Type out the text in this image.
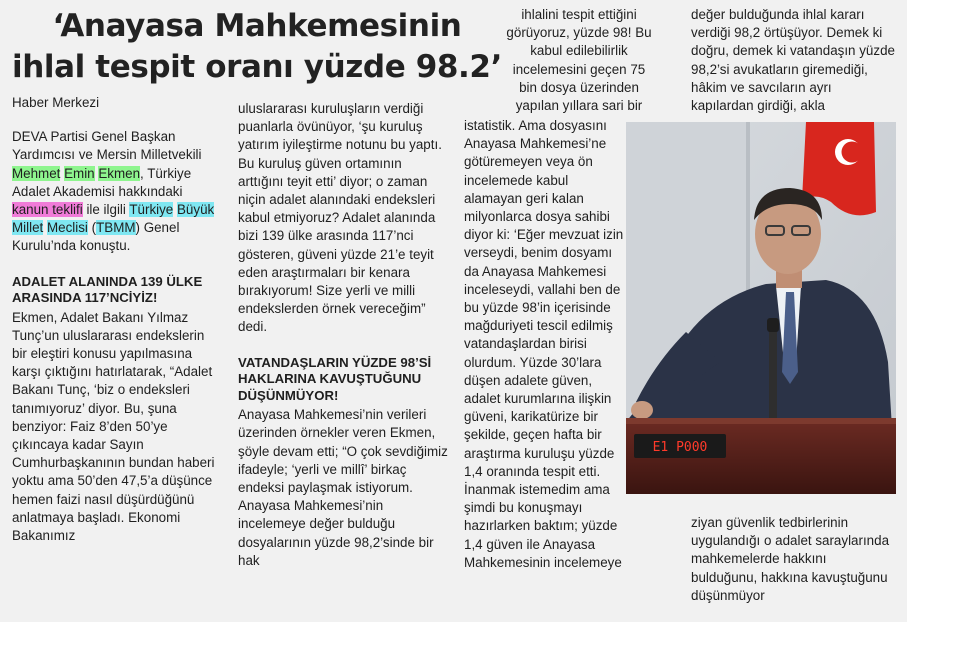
‘Anayasa Mahkemesinin
ihlal tespit oranı yüzde 98.2’

Haber Merkezi

DEVA Partisi Genel Başkan Yardımcısı ve Mersin Milletvekili Mehmet Emin Ekmen, Türkiye Adalet Akademisi hakkındaki kanun teklifi ile ilgili Türkiye Büyük Millet Meclisi (TBMM) Genel Kurulu’nda konuştu.

ADALET ALANINDA 139 ÜLKE ARASINDA 117’NCİYİZ!

Ekmen, Adalet Bakanı Yılmaz Tunç’un uluslararası endekslerin bir eleştiri konusu yapılmasına karşı çıktığını hatırlatarak, “Adalet Bakanı Tunç, ‘biz o endeksleri tanımıyoruz’ diyor. Bu, şuna benziyor: Faiz 8’den 50’ye çıkıncaya kadar Sayın Cumhurbaşkanının bundan haberi yoktu ama 50’den 47,5’a düşünce hemen faizi nasıl düşürdüğünü anlatmaya başladı. Ekonomi Bakanımız

uluslararası kuruluşların verdiği puanlarla övünüyor, ‘şu kuruluş yatırım iyileştirme notunu bu yaptı. Bu kuruluş güven ortamının arttığını teyit etti’ diyor; o zaman niçin adalet alanındaki endeksleri kabul etmiyoruz? Adalet alanında bizi 139 ülke arasında 117’nci gösteren, güveni yüzde 21’e teyit eden araştırmaları bir kenara bırakıyorum! Size yerli ve milli endekslerden örnek vereceğim” dedi.

VATANDAŞLARIN YÜZDE 98’Sİ HAKLARINA KAVUŞTUĞUNU DÜŞÜNMÜYOR!

Anayasa Mahkemesi’nin verileri üzerinden örnekler veren Ekmen, şöyle devam etti; “O çok sevdiğimiz ifadeyle; ‘yerli ve millî’ birkaç endeksi paylaşmak istiyorum. Anayasa Mahkemesi’nin incelemeye değer bulduğu dosyalarının yüzde 98,2’sinde bir hak

ihlalini tespit ettiğini görüyoruz, yüzde 98! Bu kabul edilebilirlik incelemesini geçen 75 bin dosya üzerinden yapılan yıllara sari bir

istatistik. Ama dosyasını Anayasa Mahkemesi’ne götüremeyen veya ön incelemede kabul alamayan geri kalan milyonlarca dosya sahibi diyor ki: ‘Eğer mevzuat izin verseydi, benim dosyamı da Anayasa Mahkemesi inceleseydi, vallahi ben de bu yüzde 98’in içerisinde mağduriyeti tescil edilmiş vatandaşlardan birisi olurdum. Yüzde 30’lara düşen adalete güven, adalet kurumlarına ilişkin güveni, karikatürize bir şekilde, geçen hafta bir araştırma kuruluşu yüzde 1,4 oranında tespit etti. İnanmak istemedim ama şimdi bu konuşmayı hazırlarken baktım; yüzde 1,4 güven ile Anayasa Mahkemesinin incelemeye

değer bulduğunda ihlal kararı verdiği 98,2 örtüşüyor. Demek ki doğru, demek ki vatandaşın yüzde 98,2’si avukatların giremediği, hâkim ve savcıların ayrı kapılardan girdiği, akla

E1 P000

ziyan güvenlik tedbirlerinin uygulandığı o adalet saraylarında mahkemelerde hakkını bulduğunu, hakkına kavuştuğunu düşünmüyor
